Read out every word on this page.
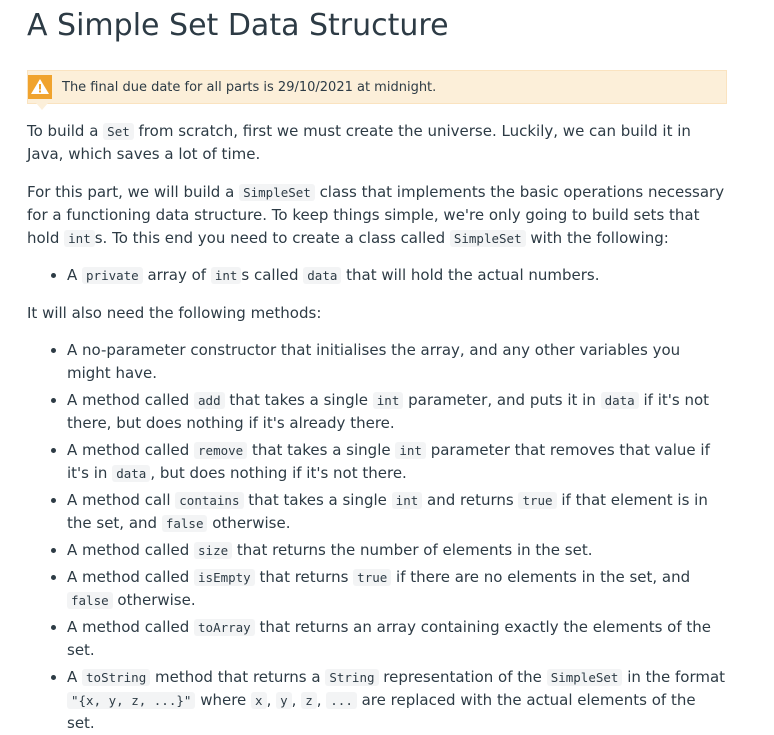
A Simple Set Data Structure
The final due date for all parts is 29/10/2021 at midnight.

To build a Set from scratch, first we must create the universe. Luckily, we can build it in Java, which saves a lot of time.

For this part, we will build a SimpleSet class that implements the basic operations necessary for a functioning data structure. To keep things simple, we're only going to build sets that hold int s. To this end you need to create a class called SimpleSet with the following:

• A private array of int s called data that will hold the actual numbers.

It will also need the following methods:

• A no-parameter constructor that initialises the array, and any other variables you might have.
• A method called add that takes a single int parameter, and puts it in data if it's not there, but does nothing if it's already there.
• A method called remove that takes a single int parameter that removes that value if it's in data , but does nothing if it's not there.
• A method call contains that takes a single int and returns true if that element is in the set, and false otherwise.
• A method called size that returns the number of elements in the set.
• A method called isEmpty that returns true if there are no elements in the set, and false otherwise.
• A method called toArray that returns an array containing exactly the elements of the set.
• A toString method that returns a String representation of the SimpleSet in the format "{x, y, z, ...}" where x , y , z , ... are replaced with the actual elements of the set.
